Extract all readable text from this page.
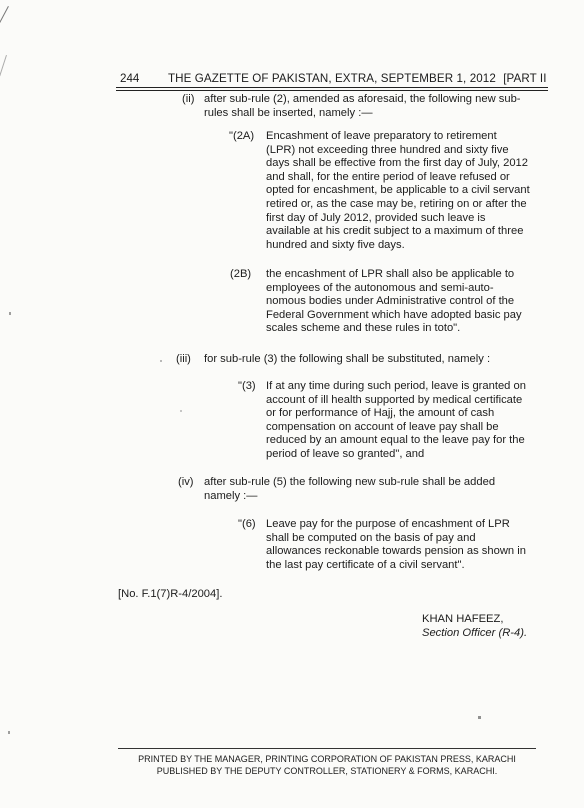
244 THE GAZETTE OF PAKISTAN, EXTRA, SEPTEMBER 1, 2012 [PART II
(ii) after sub-rule (2), amended as aforesaid, the following new sub-
rules shall be inserted, namely :—
"(2A) Encashment of leave preparatory to retirement
(LPR) not exceeding three hundred and sixty five
days shall be effective from the first day of July, 2012
and shall, for the entire period of leave refused or
opted for encashment, be applicable to a civil servant
retired or, as the case may be, retiring on or after the
first day of July 2012, provided such leave is
available at his credit subject to a maximum of three
hundred and sixty five days.
(2B) the encashment of LPR shall also be applicable to
employees of the autonomous and semi-auto-
nomous bodies under Administrative control of the
Federal Government which have adopted basic pay
scales scheme and these rules in toto".
(iii) for sub-rule (3) the following shall be substituted, namely :
"(3) If at any time during such period, leave is granted on
account of ill health supported by medical certificate
or for performance of Hajj, the amount of cash
compensation on account of leave pay shall be
reduced by an amount equal to the leave pay for the
period of leave so granted", and
(iv) after sub-rule (5) the following new sub-rule shall be added
namely :—
"(6) Leave pay for the purpose of encashment of LPR
shall be computed on the basis of pay and
allowances reckonable towards pension as shown in
the last pay certificate of a civil servant".
[No. F.1(7)R-4/2004].
KHAN HAFEEZ,
Section Officer (R-4).
PRINTED BY THE MANAGER, PRINTING CORPORATION OF PAKISTAN PRESS, KARACHI
PUBLISHED BY THE DEPUTY CONTROLLER, STATIONERY & FORMS, KARACHI.
